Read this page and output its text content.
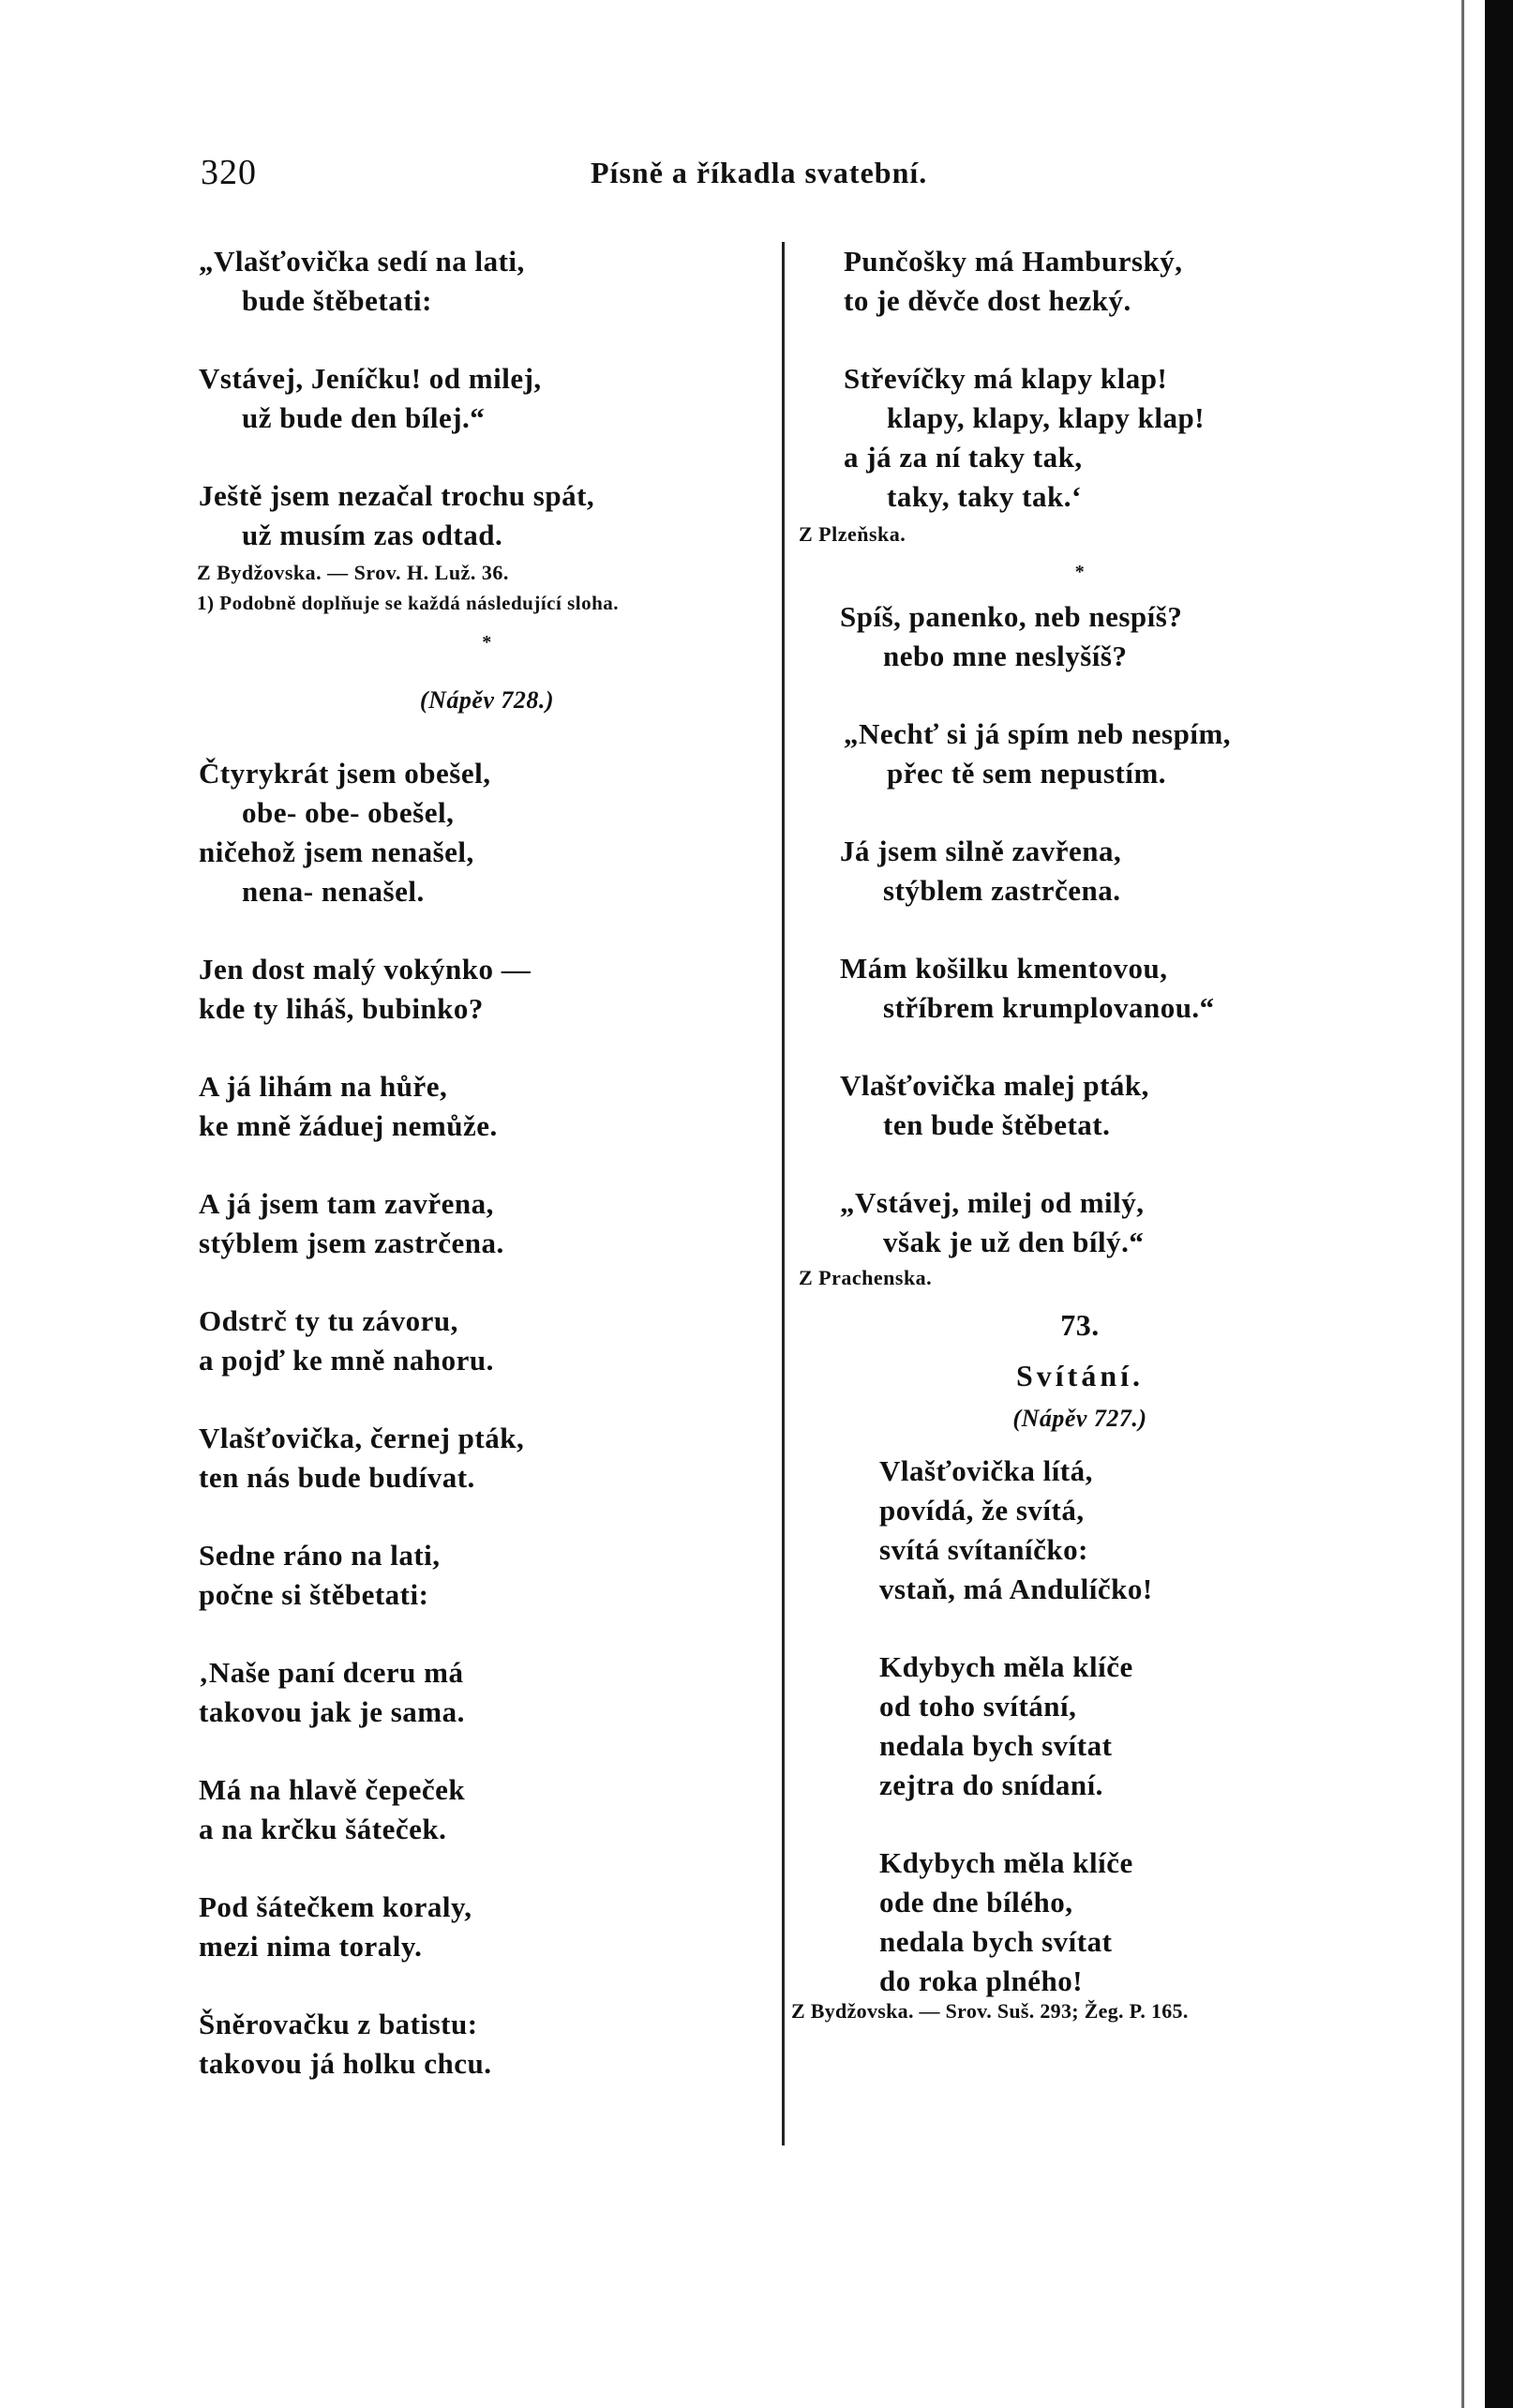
320	Písně a říkadla svatební.
„Vlašťovička sedí na lati,
bude štěbetati:
Vstávej, Jeníčku! od milej,
už bude den bílej.“
Ještě jsem nezačal trochu spát,
už musím zas odtad.
Z Bydžovska. — Srov. H. Luž. 36.
1) Podobně doplňuje se každá následující sloha.
*
(Nápěv 728.)
Čtyrykrát jsem obešel,
obe- obe- obešel,
ničehož jsem nenašel,
nena- nenašel.
Jen dost malý vokýnko —
kde ty liháš, bubinko?
A já lihám na hůře,
ke mně žáduej nemůže.
A já jsem tam zavřena,
stýblem jsem zastrčena.
Odstrč ty tu závoru,
a pojď ke mně nahoru.
Vlašťovička, černej pták,
ten nás bude budívat.
Sedne ráno na lati,
počne si štěbetati:
‚Naše paní dceru má
takovou jak je sama.
Má na hlavě čepeček
a na krčku šáteček.
Pod šátečkem koraly,
mezi nima toraly.
Šněrovačku z batistu:
takovou já holku chcu.
Punčošky má Hamburský,
to je děvče dost hezký.
Střevíčky má klapy klap!
klapy, klapy, klapy klap!
a já za ní taky tak,
taky, taky tak.‘
Z Plzeňska.
*
Spíš, panenko, neb nespíš?
nebo mne neslyšíš?
„Nechť si já spím neb nespím,
přec tě sem nepustím.
Já jsem silně zavřena,
stýblem zastrčena.
Mám košilku kmentovou,
stříbrem krumplovanou.“
Vlašťovička malej pták,
ten bude štěbetat.
„Vstávej, milej od milý,
však je už den bílý.“
Z Prachenska.
73.
Svítání.
(Nápěv 727.)
Vlašťovička lítá,
povídá, že svítá,
svítá svítaníčko:
vstaň, má Andulíčko!
Kdybych měla klíče
od toho svítání,
nedala bych svítat
zejtra do snídaní.
Kdybych měla klíče
ode dne bílého,
nedala bych svítat
do roka plného!
Z Bydžovska. — Srov. Suš. 293; Žeg. P. 165.
